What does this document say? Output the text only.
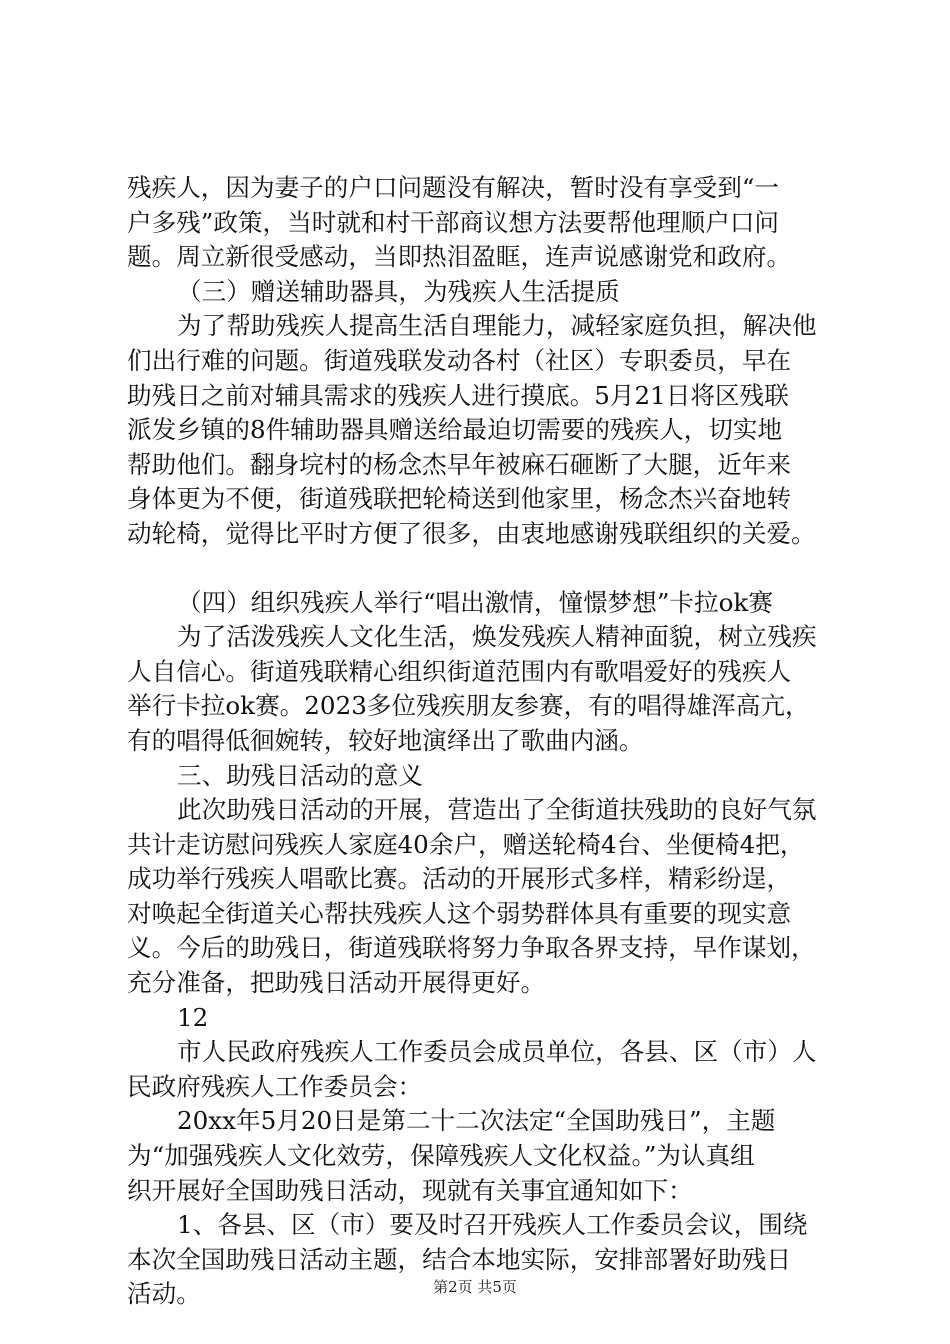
残疾人，因为妻子的户口问题没有解决，暂时没有享受到“一
户多残”政策，当时就和村干部商议想方法要帮他理顺户口问
题。周立新很受感动，当即热泪盈眶，连声说感谢党和政府。
（三）赠送辅助器具，为残疾人生活提质
为了帮助残疾人提高生活自理能力，减轻家庭负担，解决他
们出行难的问题。街道残联发动各村（社区）专职委员，早在
助残日之前对辅具需求的残疾人进行摸底。5月21日将区残联
派发乡镇的8件辅助器具赠送给最迫切需要的残疾人，切实地
帮助他们。翻身垸村的杨念杰早年被麻石砸断了大腿，近年来
身体更为不便，街道残联把轮椅送到他家里，杨念杰兴奋地转
动轮椅，觉得比平时方便了很多，由衷地感谢残联组织的关爱。
（四）组织残疾人举行“唱出激情，憧憬梦想”卡拉ok赛
为了活泼残疾人文化生活，焕发残疾人精神面貌，树立残疾
人自信心。街道残联精心组织街道范围内有歌唱爱好的残疾人
举行卡拉ok赛。2023多位残疾朋友参赛，有的唱得雄浑高亢，
有的唱得低徊婉转，较好地演绎出了歌曲内涵。
三、助残日活动的意义
此次助残日活动的开展，营造出了全街道扶残助的良好气氛
共计走访慰问残疾人家庭40余户，赠送轮椅4台、坐便椅4把，
成功举行残疾人唱歌比赛。活动的开展形式多样，精彩纷逞，
对唤起全街道关心帮扶残疾人这个弱势群体具有重要的现实意
义。今后的助残日，街道残联将努力争取各界支持，早作谋划，
充分准备，把助残日活动开展得更好。
12
市人民政府残疾人工作委员会成员单位，各县、区（市）人
民政府残疾人工作委员会：
20xx年5月20日是第二十二次法定“全国助残日”，主题
为“加强残疾人文化效劳，保障残疾人文化权益。”为认真组
织开展好全国助残日活动，现就有关事宜通知如下：
1、各县、区（市）要及时召开残疾人工作委员会议，围绕
本次全国助残日活动主题，结合本地实际，安排部署好助残日
活动。	第2页 共5页
